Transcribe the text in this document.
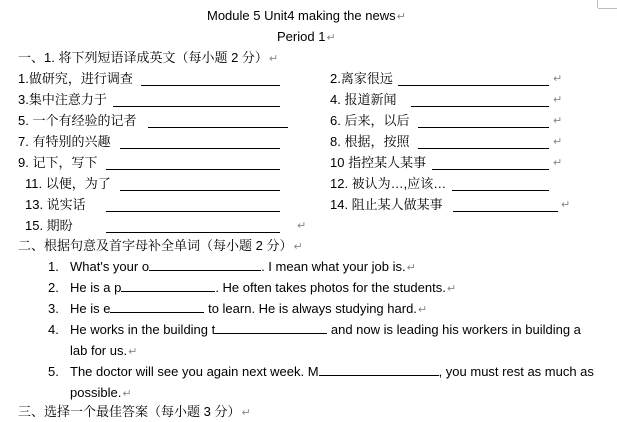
Module 5 Unit4 making the news↵
Period 1↵
一、1. 将下列短语译成英文（每小题 2 分）↵
1.做研究，进行调查	2.离家很远	↵
3.集中注意力于	4. 报道新闻	↵
5. 一个有经验的记者	6. 后来，以后	↵
7. 有特别的兴趣	8. 根据，按照	↵
9. 记下，写下	10 指控某人某事	↵
11. 以便，为了	12. 被认为…,应该…
13. 说实话	14. 阻止某人做某事	↵
15. 期盼	↵
二、根据句意及首字母补全单词（每小题 2 分）↵
1. What's your o	. I mean what your job is.↵
2. He is a p	. He often takes photos for the students.↵
3. He is e	to learn. He is always studying hard.↵
4. He works in the building t	and now is leading his workers in building a
lab for us.↵
5. The doctor will see you again next week. M	, you must rest as much as
possible.↵
三、选择一个最佳答案（每小题 3 分）↵
